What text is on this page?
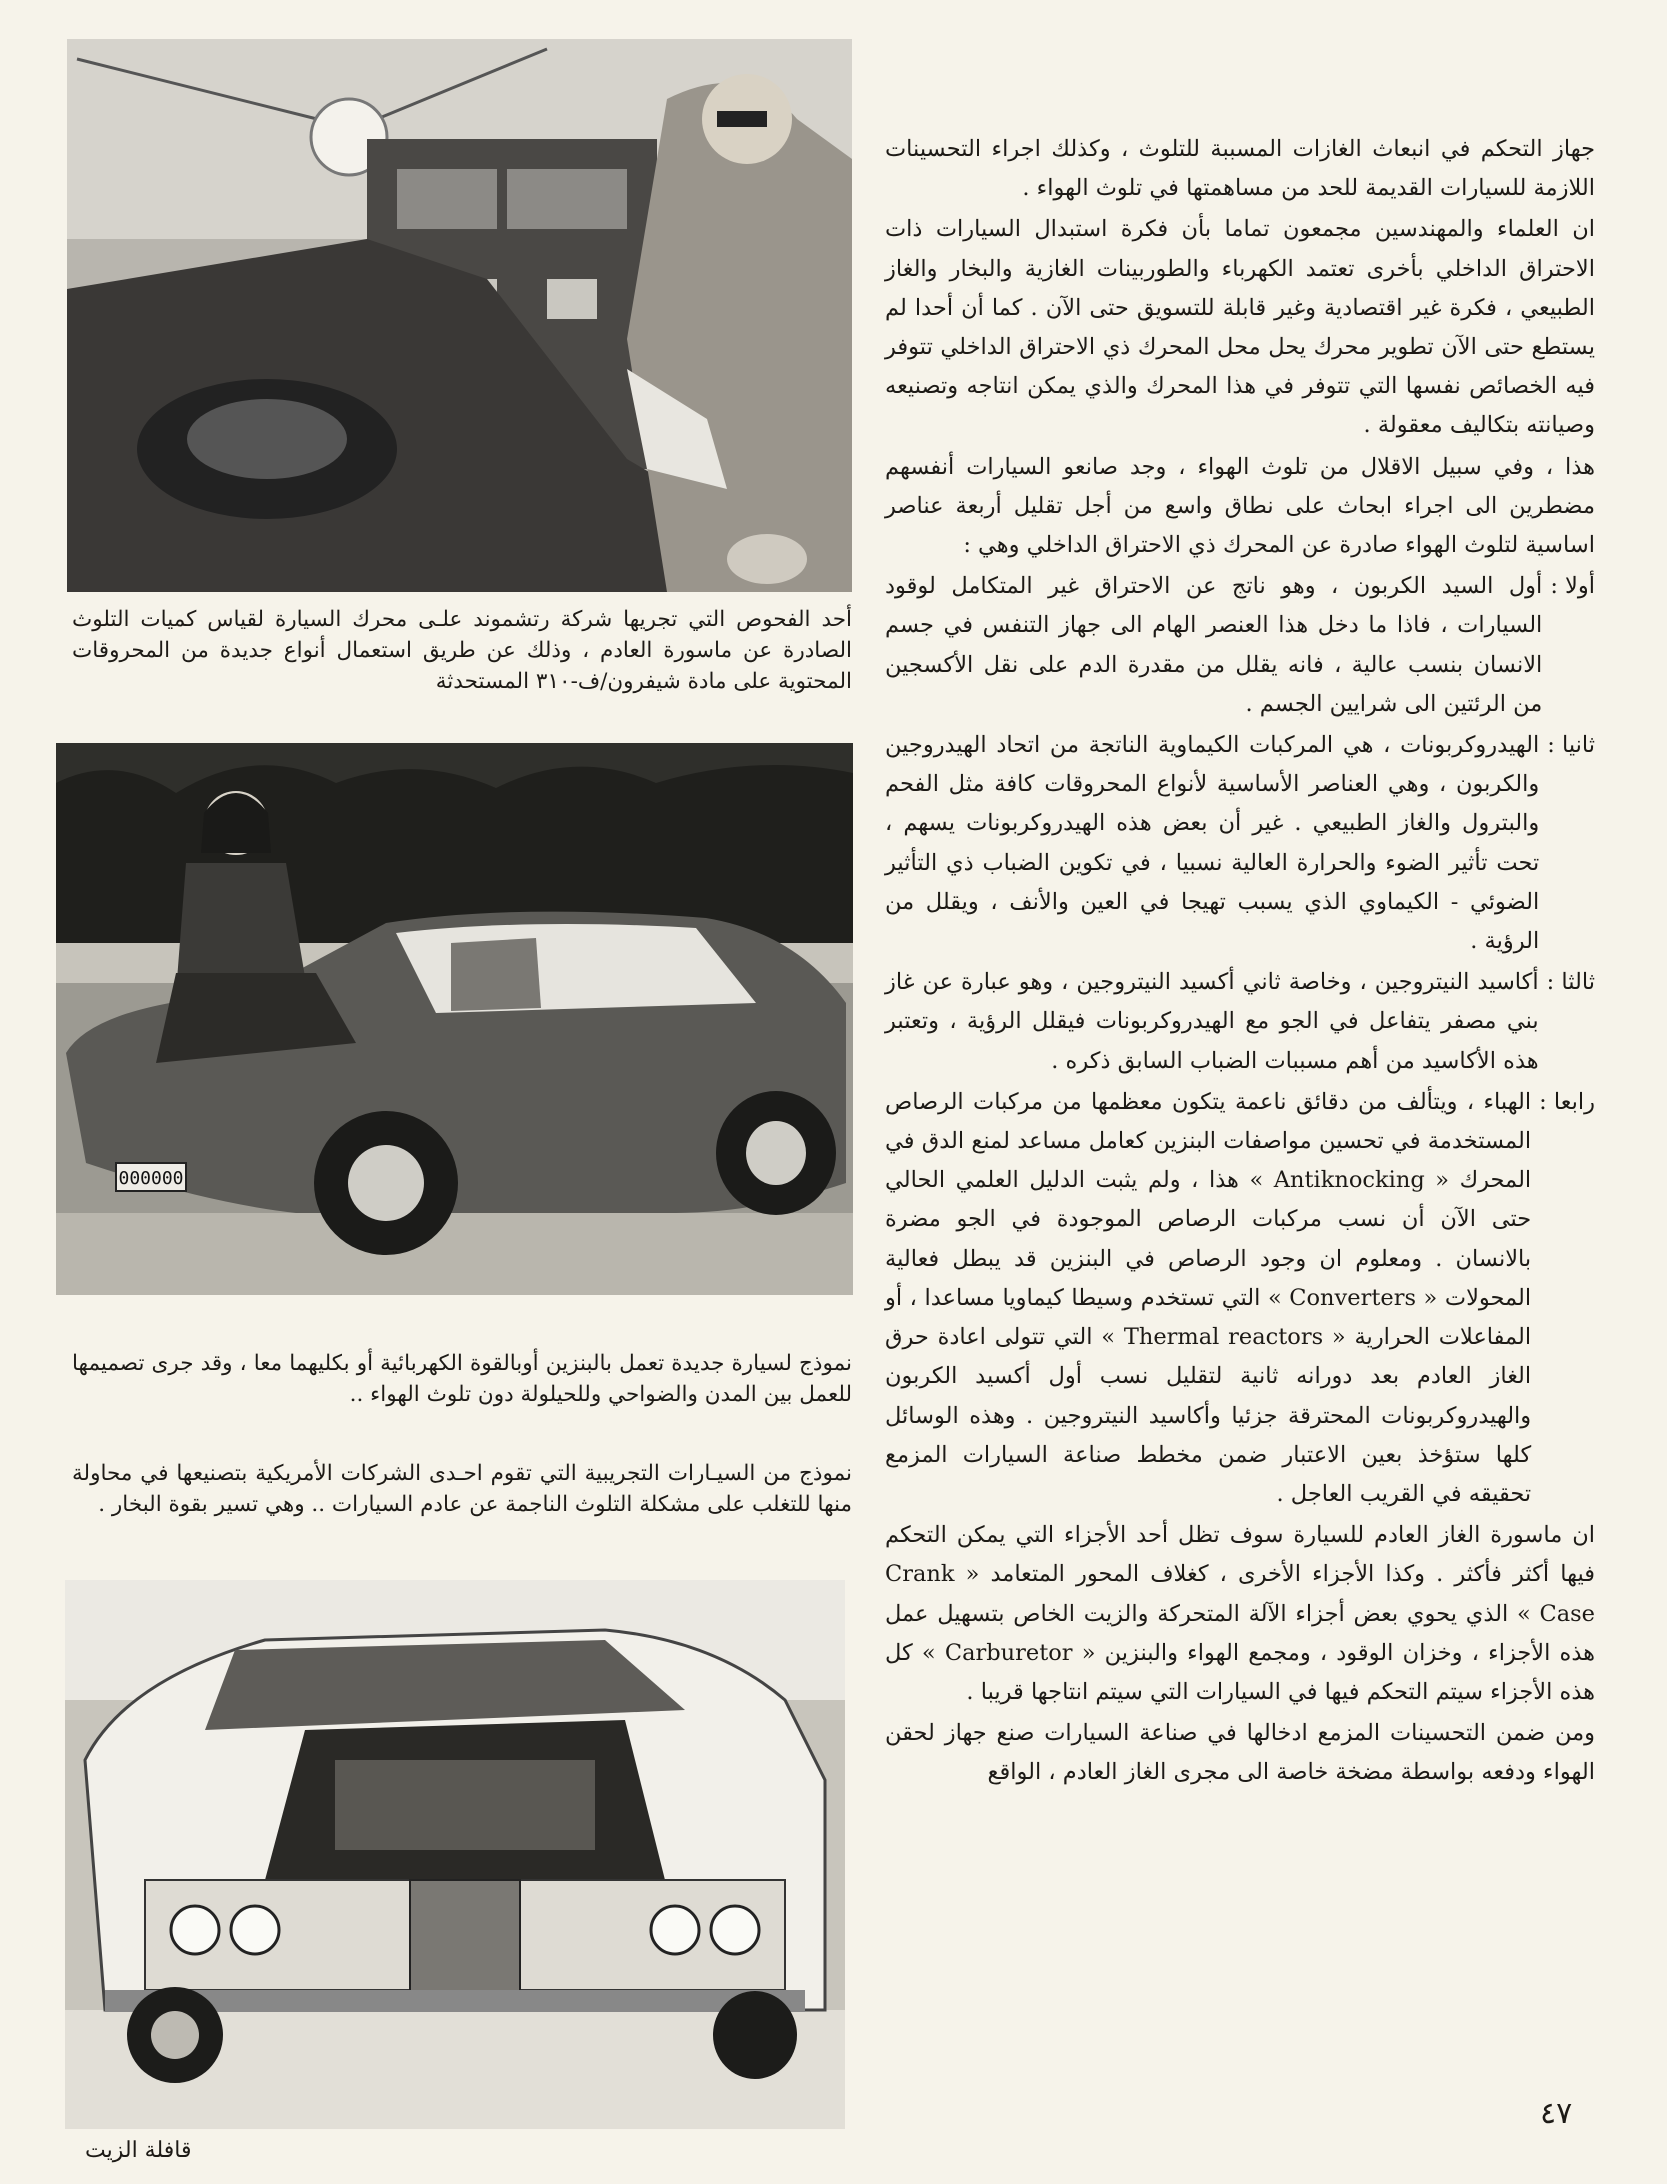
أحد الفحوص التي تجريها شركة رتشموند علـى محرك السيارة لقياس كميات التلوث الصادرة عن ماسورة العادم ، وذلك عن طريق استعمال أنواع جديدة من المحروقات المحتوية على مادة شيفرون/ف-٣١٠ المستحدثة

000000

نموذج لسيارة جديدة تعمل بالبنزين أوبالقوة الكهربائية أو بكليهما معا ، وقد جرى تصميمها للعمل بين المدن والضواحي وللحيلولة دون تلوث الهواء ..

نموذج من السيـارات التجريبية التي تقوم احـدى الشركات الأمريكية بتصنيعها في محاولة منها للتغلب على مشكلة التلوث الناجمة عن عادم السيارات .. وهي تسير بقوة البخار .

جهاز التحكم في انبعاث الغازات المسببة للتلوث ، وكذلك اجراء التحسينات اللازمة للسيارات القديمة للحد من مساهمتها في تلوث الهواء .

ان العلماء والمهندسين مجمعون تماما بأن فكرة استبدال السيارات ذات الاحتراق الداخلي بأخرى تعتمد الكهرباء والطوربينات الغازية والبخار والغاز الطبيعي ، فكرة غير اقتصادية وغير قابلة للتسويق حتى الآن . كما أن أحدا لم يستطع حتى الآن تطوير محرك يحل محل المحرك ذي الاحتراق الداخلي تتوفر فيه الخصائص نفسها التي تتوفر في هذا المحرك والذي يمكن انتاجه وتصنيعه وصيانته بتكاليف معقولة .

هذا ، وفي سبيل الاقلال من تلوث الهواء ، وجد صانعو السيارات أنفسهم مضطرين الى اجراء ابحاث على نطاق واسع من أجل تقليل أربعة عناصر اساسية لتلوث الهواء صادرة عن المحرك ذي الاحتراق الداخلي وهي :

أولا :
أول السيد الكربون ، وهو ناتج عن الاحتراق غير المتكامل لوقود السيارات ، فاذا ما دخل هذا العنصر الهام الى جهاز التنفس في جسم الانسان بنسب عالية ، فانه يقلل من مقدرة الدم على نقل الأكسجين من الرئتين الى شرايين الجسم .
ثانيا :
الهيدروكربونات ، هي المركبات الكيماوية الناتجة من اتحاد الهيدروجين والكربون ، وهي العناصر الأساسية لأنواع المحروقات كافة مثل الفحم والبترول والغاز الطبيعي . غير أن بعض هذه الهيدروكربونات يسهم ، تحت تأثير الضوء والحرارة العالية نسبيا ، في تكوين الضباب ذي التأثير الضوئي - الكيماوي الذي يسبب تهيجا في العين والأنف ، ويقلل من الرؤية .
ثالثا :
أكاسيد النيتروجين ، وخاصة ثاني أكسيد النيتروجين ، وهو عبارة عن غاز بني مصفر يتفاعل في الجو مع الهيدروكربونات فيقلل الرؤية ، وتعتبر هذه الأكاسيد من أهم مسببات الضباب السابق ذكره .
رابعا :
الهباء ، ويتألف من دقائق ناعمة يتكون معظمها من مركبات الرصاص المستخدمة في تحسين مواصفات البنزين كعامل مساعد لمنع الدق في المحرك « Antiknocking » هذا ، ولم يثبت الدليل العلمي الحالي حتى الآن أن نسب مركبات الرصاص الموجودة في الجو مضرة بالانسان . ومعلوم ان وجود الرصاص في البنزين قد يبطل فعالية المحولات « Converters » التي تستخدم وسيطا كيماويا مساعدا ، أو المفاعلات الحرارية « Thermal reactors » التي تتولى اعادة حرق الغاز العادم بعد دورانه ثانية لتقليل نسب أول أكسيد الكربون والهيدروكربونات المحترقة جزئيا وأكاسيد النيتروجين . وهذه الوسائل كلها ستؤخذ بعين الاعتبار ضمن مخطط صناعة السيارات المزمع تحقيقه في القريب العاجل .

ان ماسورة الغاز العادم للسيارة سوف تظل أحد الأجزاء التي يمكن التحكم فيها أكثر فأكثر . وكذا الأجزاء الأخرى ، كغلاف المحور المتعامد « Crank Case » الذي يحوي بعض أجزاء الآلة المتحركة والزيت الخاص بتسهيل عمل هذه الأجزاء ، وخزان الوقود ، ومجمع الهواء والبنزين « Carburetor » كل هذه الأجزاء سيتم التحكم فيها في السيارات التي سيتم انتاجها قريبا .

ومن ضمن التحسينات المزمع ادخالها في صناعة السيارات صنع جهاز لحقن الهواء ودفعه بواسطة مضخة خاصة الى مجرى الغاز العادم ، الواقع

٤٧
قافلة الزيت
